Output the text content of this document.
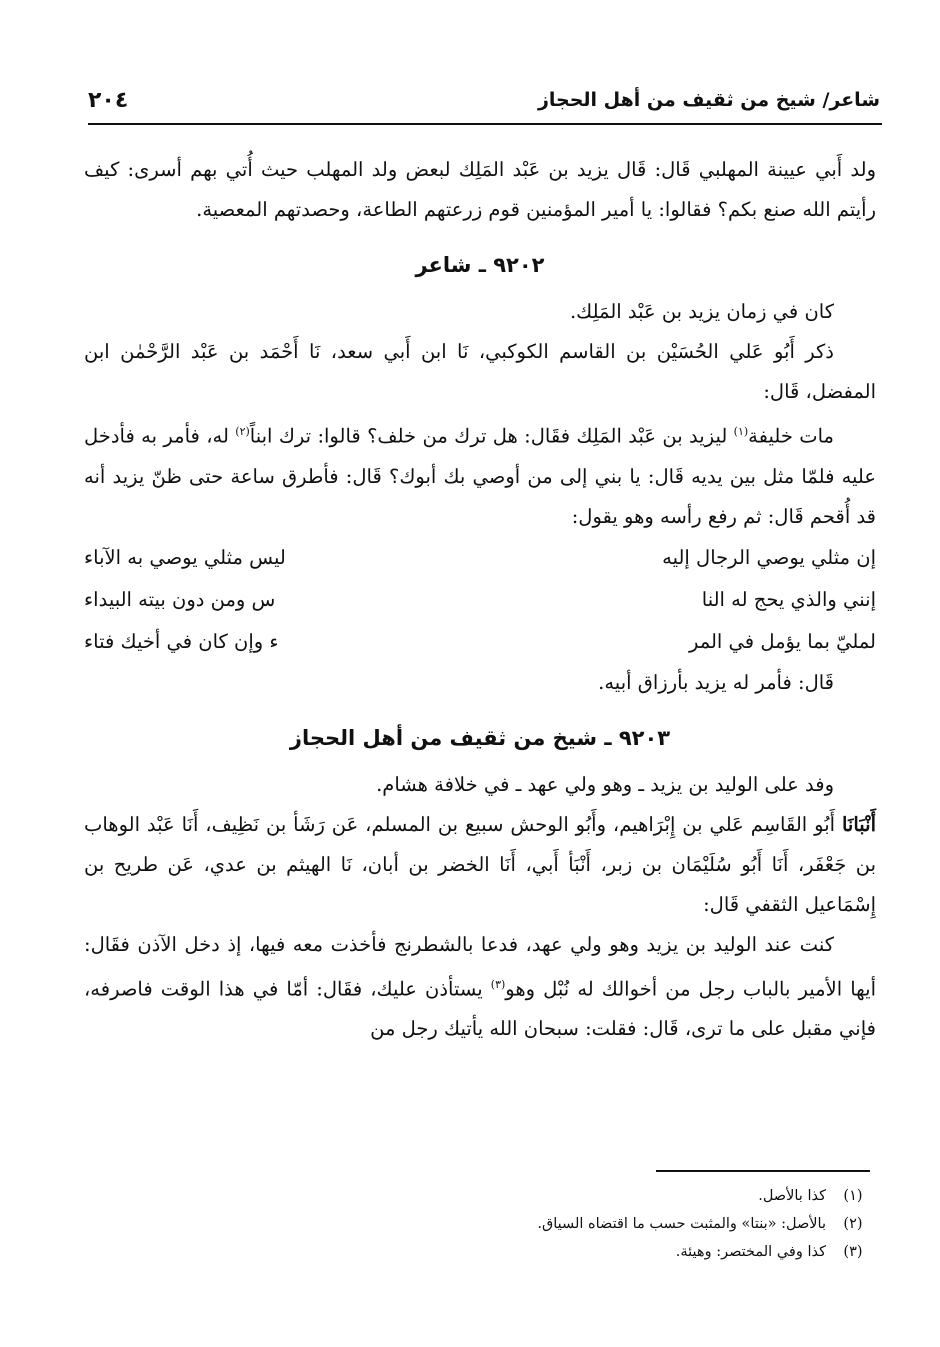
شاعر/ شيخ من ثقيف من أهل الحجاز
٢٠٤

ولد أَبي عيينة المهلبي قَال: قَال يزيد بن عَبْد المَلِك لبعض ولد المهلب حيث أُتي بهم أسرى: كيف رأيتم الله صنع بكم؟ فقالوا: يا أمير المؤمنين قوم زرعتهم الطاعة، وحصدتهم المعصية.

٩٢٠٢ ـ شاعر

كان في زمان يزيد بن عَبْد المَلِك.

ذكر أَبُو عَلي الحُسَيْن بن القاسم الكوكبي، نَا ابن أَبي سعد، نَا أَحْمَد بن عَبْد الرَّحْمٰن ابن المفضل، قَال:

مات خليفة$^{(١)}$ ليزيد بن عَبْد المَلِك فقَال: هل ترك من خلف؟ قالوا: ترك ابناً$^{(٢)}$ له، فأمر به فأدخل عليه فلمّا مثل بين يديه قَال: يا بني إلى من أوصي بك أبوك؟ قَال: فأطرق ساعة حتى ظنّ يزيد أنه قد أُقحم قَال: ثم رفع رأسه وهو يقول:

إن مثلي يوصي الرجال إليه
ليس مثلي يوصي به الآباء
إنني والذي يحج له النا
س ومن دون بيته البيداء
لمليّ بما يؤمل في المر
ء وإن كان في أخيك فتاء

قَال: فأمر له يزيد بأرزاق أبيه.

٩٢٠٣ ـ شيخ من ثقيف من أهل الحجاز

وفد على الوليد بن يزيد ـ وهو ولي عهد ـ في خلافة هشام.

أَنْبَانَا أَبُو القَاسِم عَلي بن إِبْرَاهيم، وأَبُو الوحش سبيع بن المسلم، عَن رَشَأ بن نَظِيف، أَنَا عَبْد الوهاب بن جَعْفَر، أَنَا أَبُو سُلَيْمَان بن زبر، أَنْبَأ أَبي، أَنَا الخضر بن أبان، نَا الهيثم بن عدي، عَن طريح بن إِسْمَاعيل الثقفي قَال:

كنت عند الوليد بن يزيد وهو ولي عهد، فدعا بالشطرنج فأخذت معه فيها، إذ دخل الآذن فقَال: أيها الأمير بالباب رجل من أخوالك له نُبْل وهو$^{(٣)}$ يستأذن عليك، فقَال: أمّا في هذا الوقت فاصرفه، فإني مقبل على ما ترى، قَال: فقلت: سبحان الله يأتيك رجل من

(١)
كذا بالأصل.
(٢)
بالأصل: «بنتا» والمثبت حسب ما اقتضاه السياق.
(٣)
كذا وفي المختصر: وهيئة.
